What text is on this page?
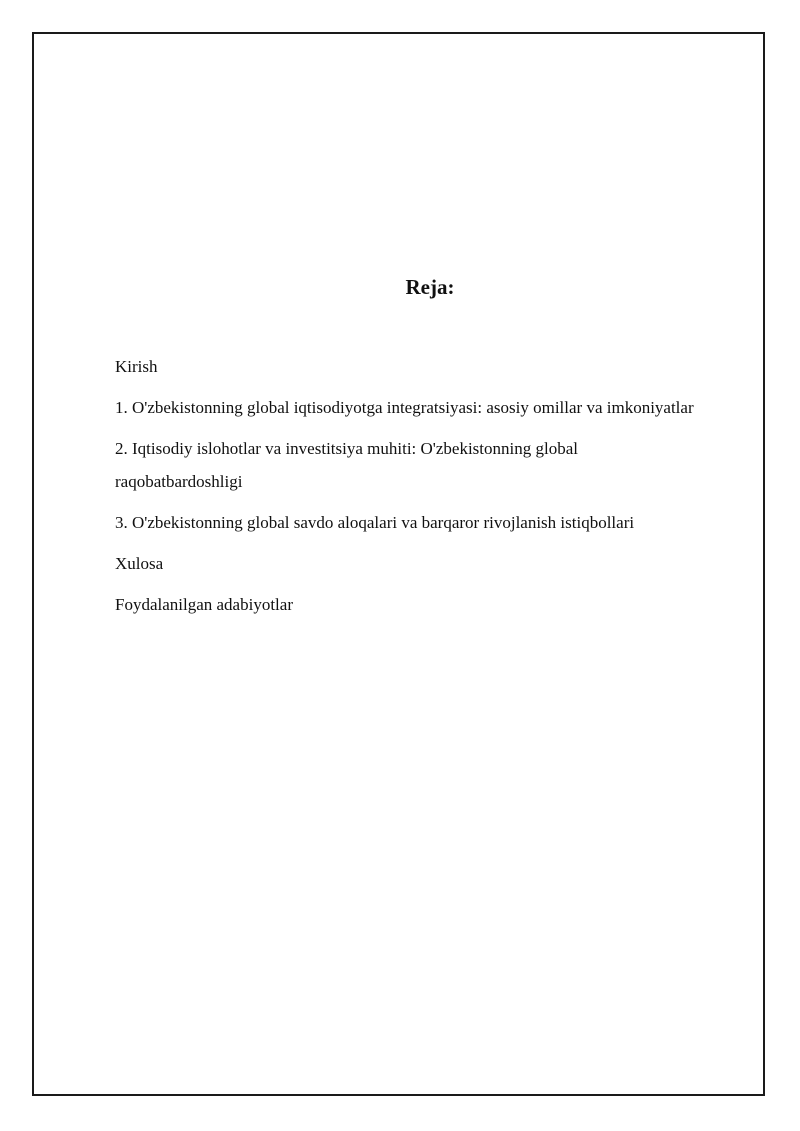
Reja:
Kirish
1. O'zbekistonning global iqtisodiyotga integratsiyasi: asosiy omillar va imkoniyatlar
2. Iqtisodiy islohotlar va investitsiya muhiti: O'zbekistonning global raqobatbardoshligi
3. O'zbekistonning global savdo aloqalari va barqaror rivojlanish istiqbollari
Xulosa
Foydalanilgan adabiyotlar
